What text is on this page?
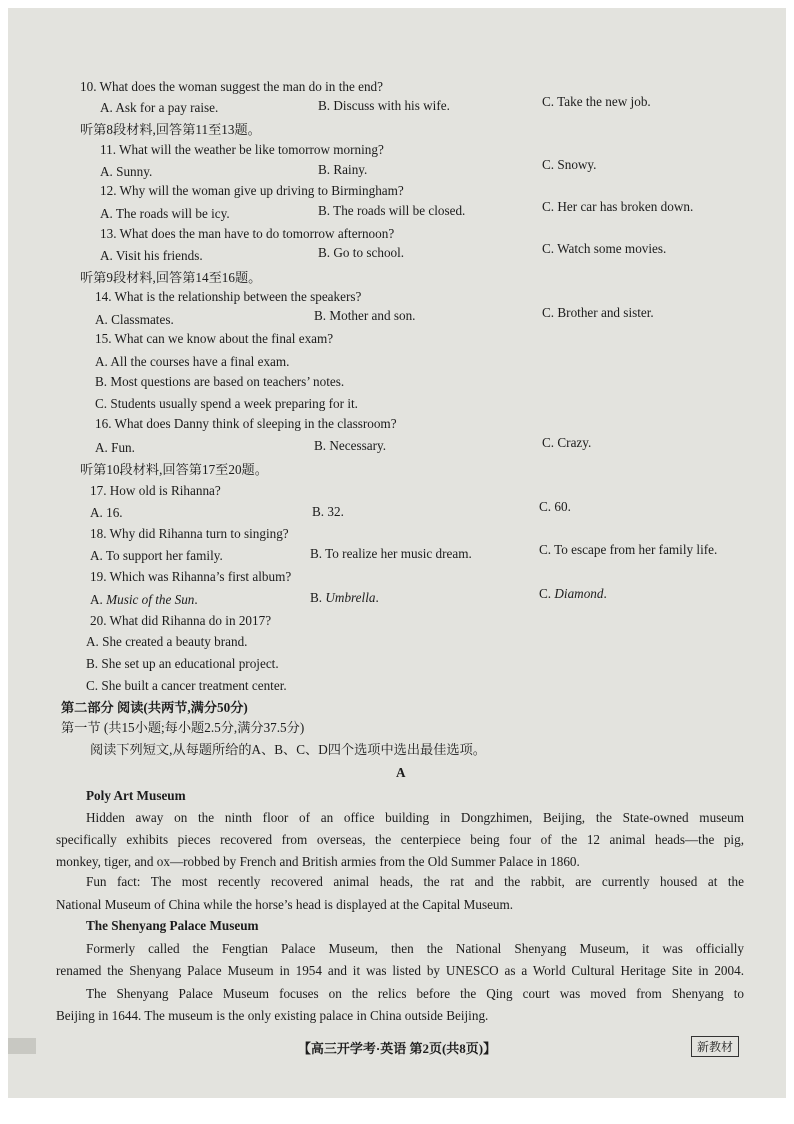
10. What does the woman suggest the man do in the end?
A. Ask for a pay raise.	B. Discuss with his wife.	C. Take the new job.
听第8段材料,回答第11至13题。
11. What will the weather be like tomorrow morning?
A. Sunny.	B. Rainy.	C. Snowy.
12. Why will the woman give up driving to Birmingham?
A. The roads will be icy.	B. The roads will be closed.	C. Her car has broken down.
13. What does the man have to do tomorrow afternoon?
A. Visit his friends.	B. Go to school.	C. Watch some movies.
听第9段材料,回答第14至16题。
14. What is the relationship between the speakers?
A. Classmates.	B. Mother and son.	C. Brother and sister.
15. What can we know about the final exam?
A. All the courses have a final exam.
B. Most questions are based on teachers’ notes.
C. Students usually spend a week preparing for it.
16. What does Danny think of sleeping in the classroom?
A. Fun.	B. Necessary.	C. Crazy.
听第10段材料,回答第17至20题。
17. How old is Rihanna?
A. 16.	B. 32.	C. 60.
18. Why did Rihanna turn to singing?
A. To support her family.	B. To realize her music dream.	C. To escape from her family life.
19. Which was Rihanna’s first album?
A. Music of the Sun.	B. Umbrella.	C. Diamond.
20. What did Rihanna do in 2017?
A. She created a beauty brand.
B. She set up an educational project.
C. She built a cancer treatment center.
第二部分 阅读(共两节,满分50分)
第一节 (共15小题;每小题2.5分,满分37.5分)
阅读下列短文,从每题所给的A、B、C、D四个选项中选出最佳选项。
A
Poly Art Museum
Hidden away on the ninth floor of an office building in Dongzhimen, Beijing, the State-owned museum
specifically exhibits pieces recovered from overseas, the centerpiece being four of the 12 animal heads—the pig,
monkey, tiger, and ox—robbed by French and British armies from the Old Summer Palace in 1860.
Fun fact: The most recently recovered animal heads, the rat and the rabbit, are currently housed at the
National Museum of China while the horse’s head is displayed at the Capital Museum.
The Shenyang Palace Museum
Formerly called the Fengtian Palace Museum, then the National Shenyang Museum, it was officially
renamed the Shenyang Palace Museum in 1954 and it was listed by UNESCO as a World Cultural Heritage Site in 2004.
The Shenyang Palace Museum focuses on the relics before the Qing court was moved from Shenyang to
Beijing in 1644. The museum is the only existing palace in China outside Beijing.
【高三开学考·英语 第2页(共8页)】	新教材
